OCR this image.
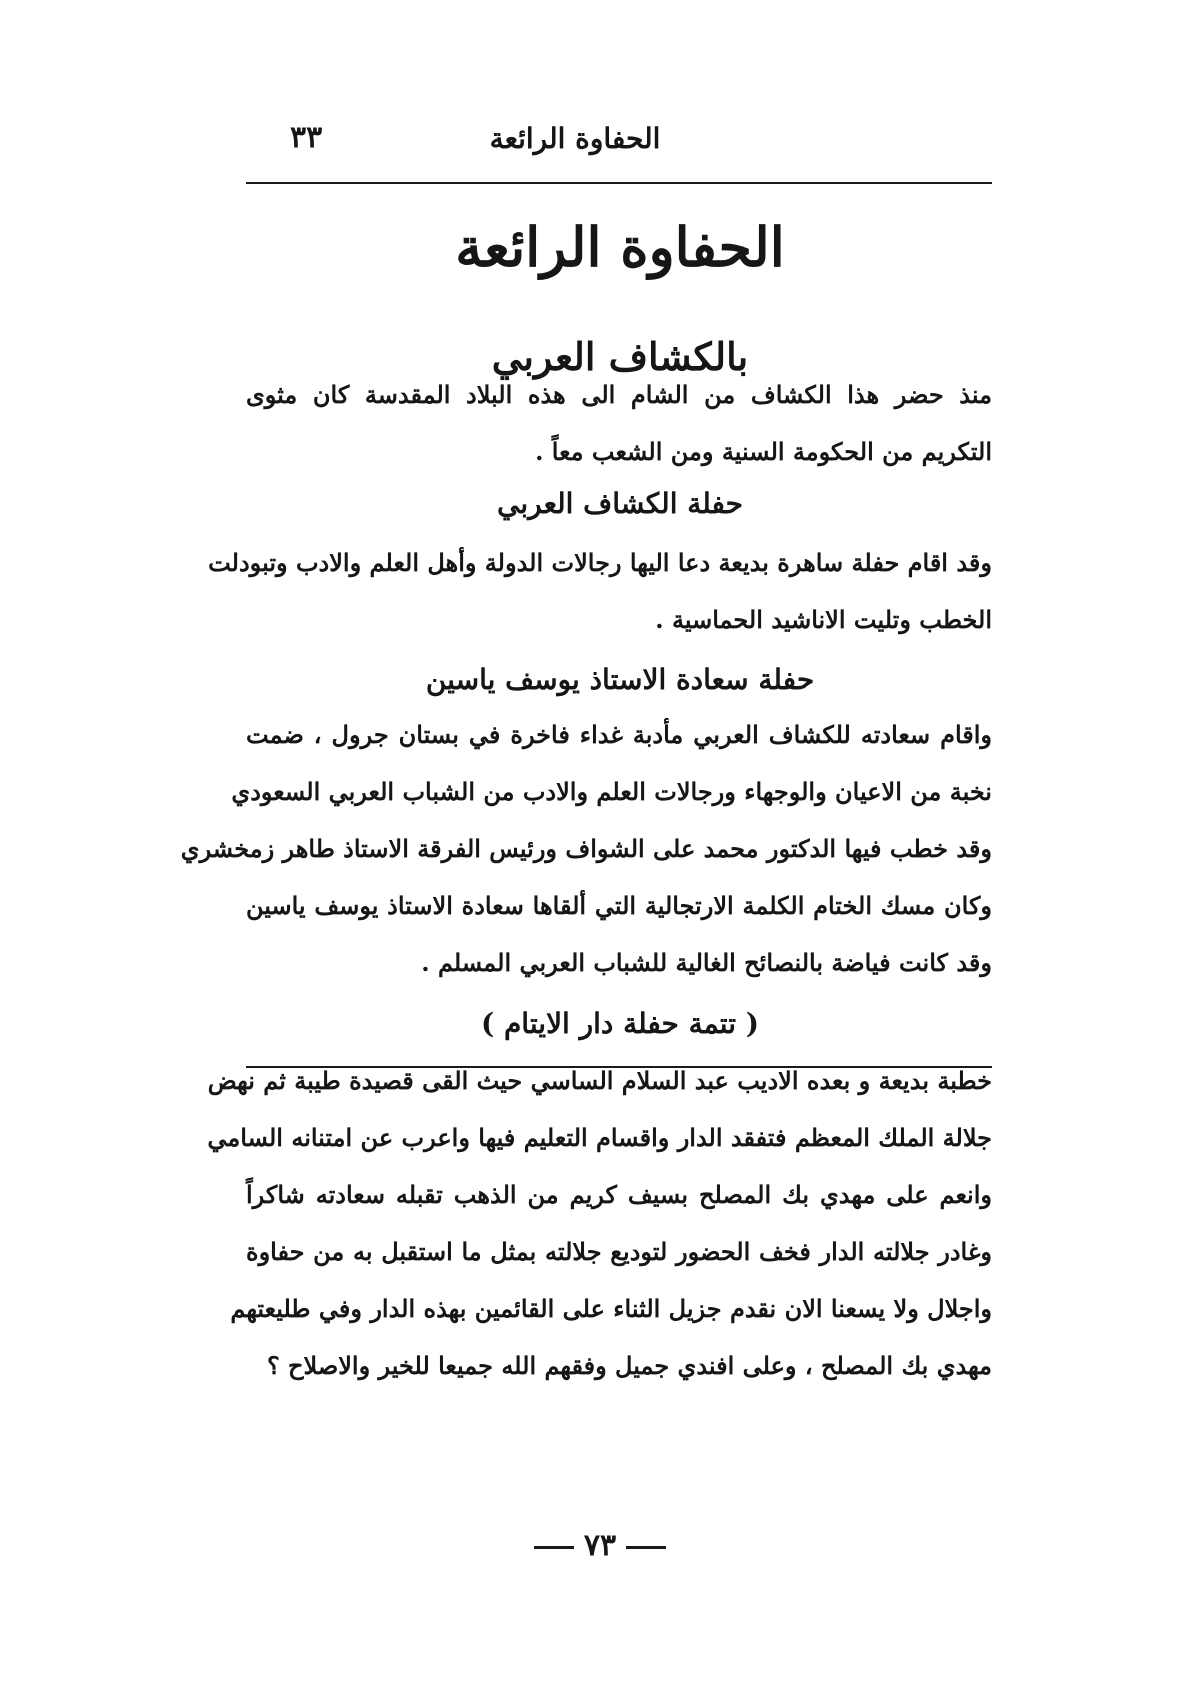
الحفاوة الرائعة
٣٣
الحفاوة الرائعة
بالكشاف العربي
منذ حضر هذا الكشاف من الشام الى هذه البلاد المقدسة كان مثوى
التكريم من الحكومة السنية ومن الشعب معاً .
حفلة الكشاف العربي
وقد اقام حفلة ساهرة بديعة دعا اليها رجالات الدولة وأهل العلم والادب وتبودلت
الخطب وتليت الاناشيد الحماسية .
حفلة سعادة الاستاذ يوسف ياسين
واقام سعادته للكشاف العربي مأدبة غداء فاخرة في بستان جرول ، ضمت
نخبة من الاعيان والوجهاء ورجالات العلم والادب من الشباب العربي السعودي
وقد خطب فيها الدكتور محمد على الشواف ورئيس الفرقة الاستاذ طاهر زمخشري
وكان مسك الختام الكلمة الارتجالية التي ألقاها سعادة الاستاذ يوسف ياسين
وقد كانت فياضة بالنصائح الغالية للشباب العربي المسلم .
( تتمة حفلة دار الايتام )
خطبة بديعة و بعده الاديب عبد السلام الساسي حيث القى قصيدة طيبة ثم نهض
جلالة الملك المعظم فتفقد الدار واقسام التعليم فيها واعرب عن امتنانه السامي
وانعم على مهدي بك المصلح بسيف كريم من الذهب تقبله سعادته شاكراً
وغادر جلالته الدار فخف الحضور لتوديع جلالته بمثل ما استقبل به من حفاوة
واجلال ولا يسعنا الان نقدم جزيل الثناء على القائمين بهذه الدار وفي طليعتهم
مهدي بك المصلح ، وعلى افندي جميل وفقهم الله جميعا للخير والاصلاح ؟
٧٣
